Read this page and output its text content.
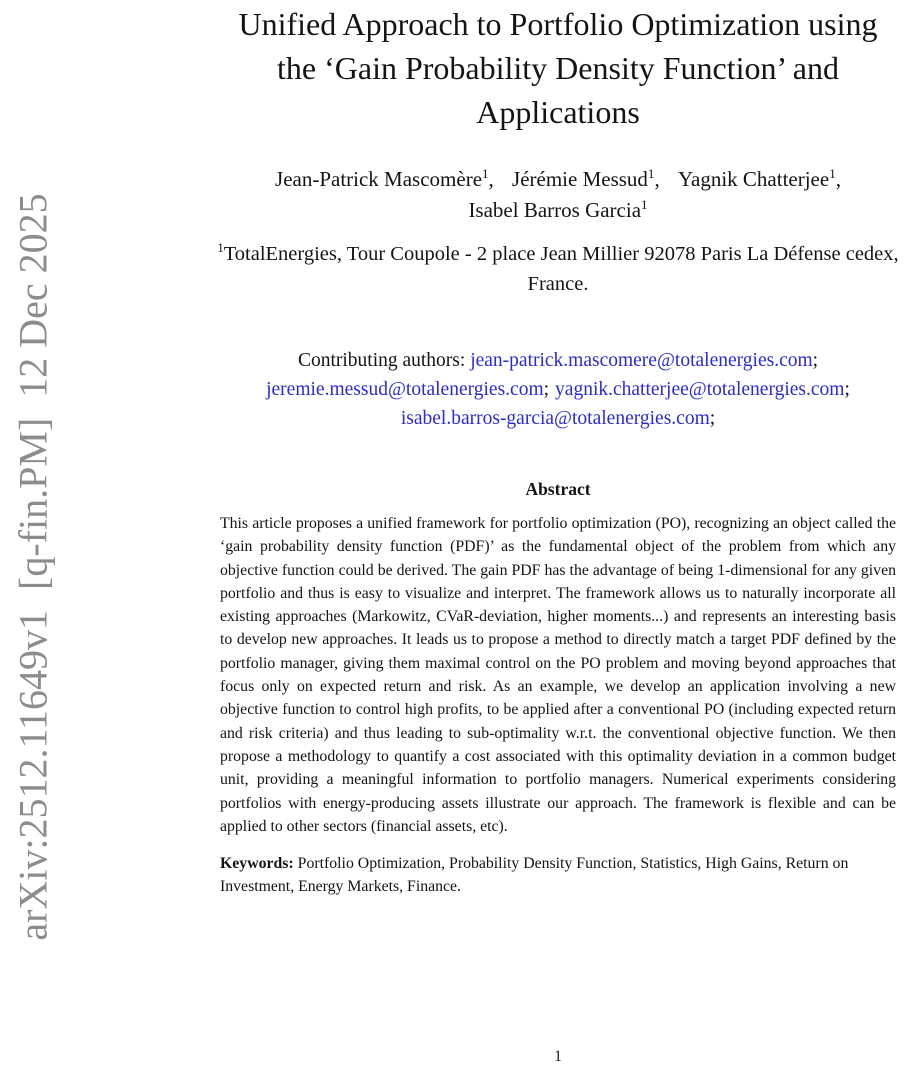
arXiv:2512.11649v1  [q-fin.PM]  12 Dec 2025
Unified Approach to Portfolio Optimization using
the ‘Gain Probability Density Function’ and
Applications
Jean-Patrick Mascomère$^1$, Jérémie Messud$^1$, Yagnik Chatterjee$^1$,
Isabel Barros Garcia$^1$
$^1$TotalEnergies, Tour Coupole - 2 place Jean Millier 92078 Paris La Défense cedex, France.
Contributing authors: jean-patrick.mascomere@totalenergies.com;
jeremie.messud@totalenergies.com; yagnik.chatterjee@totalenergies.com;
isabel.barros-garcia@totalenergies.com;
Abstract

This article proposes a unified framework for portfolio optimization (PO), recognizing an object called the ‘gain probability density function (PDF)’ as the fundamental object of the problem from which any objective function could be derived. The gain PDF has the advantage of being 1-dimensional for any given portfolio and thus is easy to visualize and interpret. The framework allows us to naturally incorporate all existing approaches (Markowitz, CVaR-deviation, higher moments...) and represents an interesting basis to develop new approaches. It leads us to propose a method to directly match a target PDF defined by the portfolio manager, giving them maximal control on the PO problem and moving beyond approaches that focus only on expected return and risk. As an example, we develop an application involving a new objective function to control high profits, to be applied after a conventional PO (including expected return and risk criteria) and thus leading to sub-optimality w.r.t. the conventional objective function. We then propose a methodology to quantify a cost associated with this optimality deviation in a common budget unit, providing a meaningful information to portfolio managers. Numerical experiments considering portfolios with energy-producing assets illustrate our approach. The framework is flexible and can be applied to other sectors (financial assets, etc).

Keywords: Portfolio Optimization, Probability Density Function, Statistics, High Gains, Return on Investment, Energy Markets, Finance.
1
